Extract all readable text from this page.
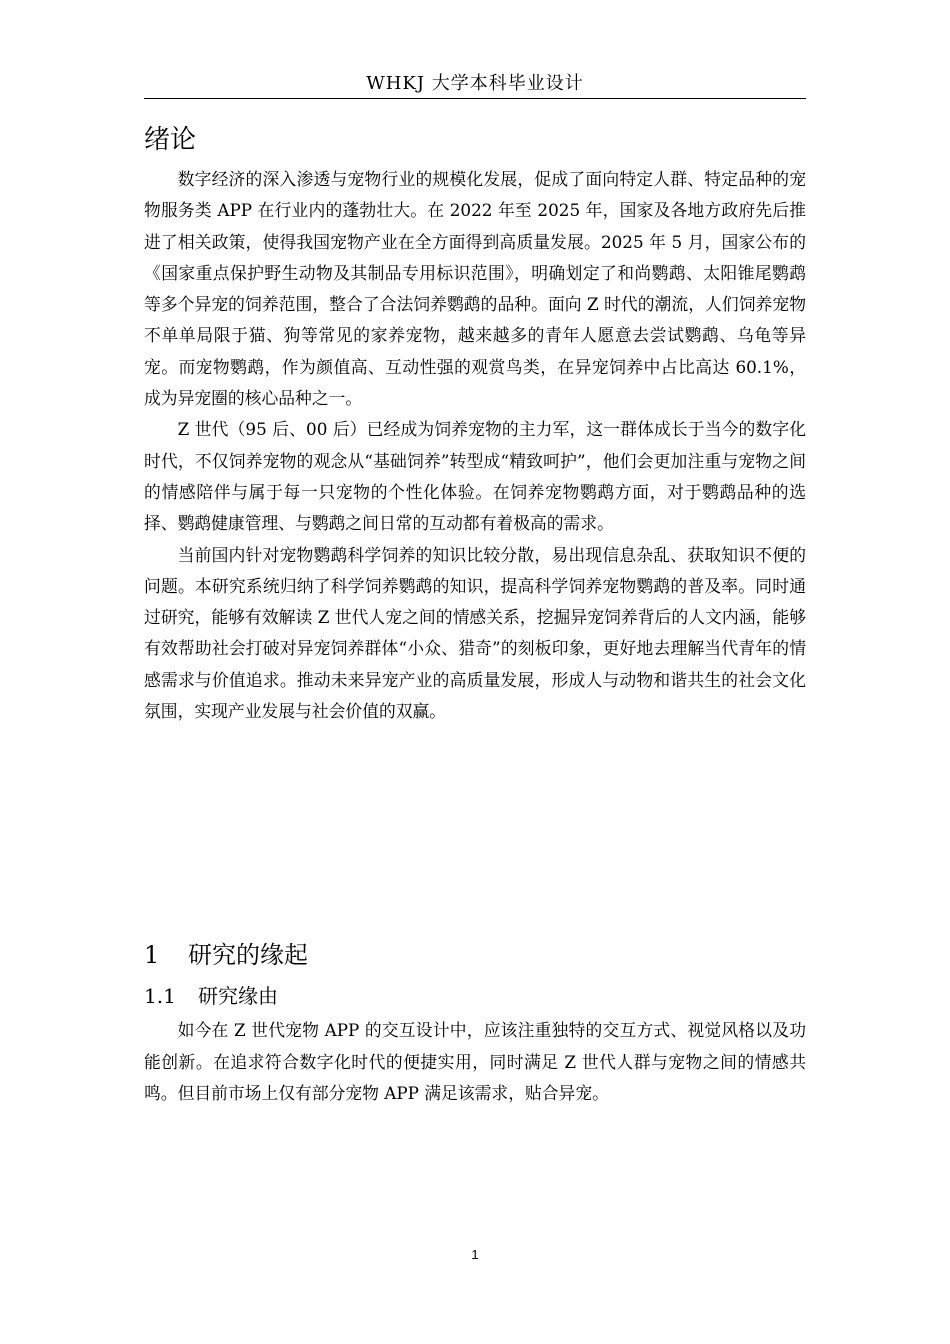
WHKJ 大学本科毕业设计
绪论

数字经济的深入渗透与宠物行业的规模化发展，促成了面向特定人群、特定品种的宠物服务类 APP 在行业内的蓬勃壮大。在 2022 年至 2025 年，国家及各地方政府先后推进了相关政策，使得我国宠物产业在全方面得到高质量发展。2025 年 5 月，国家公布的《国家重点保护野生动物及其制品专用标识范围》，明确划定了和尚鹦鹉、太阳锥尾鹦鹉等多个异宠的饲养范围，整合了合法饲养鹦鹉的品种。面向 Z 时代的潮流，人们饲养宠物不单单局限于猫、狗等常见的家养宠物，越来越多的青年人愿意去尝试鹦鹉、乌龟等异宠。而宠物鹦鹉，作为颜值高、互动性强的观赏鸟类，在异宠饲养中占比高达 60.1%，成为异宠圈的核心品种之一。

Z 世代（95 后、00 后）已经成为饲养宠物的主力军，这一群体成长于当今的数字化时代，不仅饲养宠物的观念从“基础饲养”转型成“精致呵护”，他们会更加注重与宠物之间的情感陪伴与属于每一只宠物的个性化体验。在饲养宠物鹦鹉方面，对于鹦鹉品种的选择、鹦鹉健康管理、与鹦鹉之间日常的互动都有着极高的需求。

当前国内针对宠物鹦鹉科学饲养的知识比较分散，易出现信息杂乱、获取知识不便的问题。本研究系统归纳了科学饲养鹦鹉的知识，提高科学饲养宠物鹦鹉的普及率。同时通过研究，能够有效解读 Z 世代人宠之间的情感关系，挖掘异宠饲养背后的人文内涵，能够有效帮助社会打破对异宠饲养群体“小众、猎奇”的刻板印象，更好地去理解当代青年的情感需求与价值追求。推动未来异宠产业的高质量发展，形成人与动物和谐共生的社会文化氛围，实现产业发展与社会价值的双赢。

1 研究的缘起
1.1 研究缘由

如今在 Z 世代宠物 APP 的交互设计中，应该注重独特的交互方式、视觉风格以及功能创新。在追求符合数字化时代的便捷实用，同时满足 Z 世代人群与宠物之间的情感共鸣。但目前市场上仅有部分宠物 APP 满足该需求，贴合异宠。

1
